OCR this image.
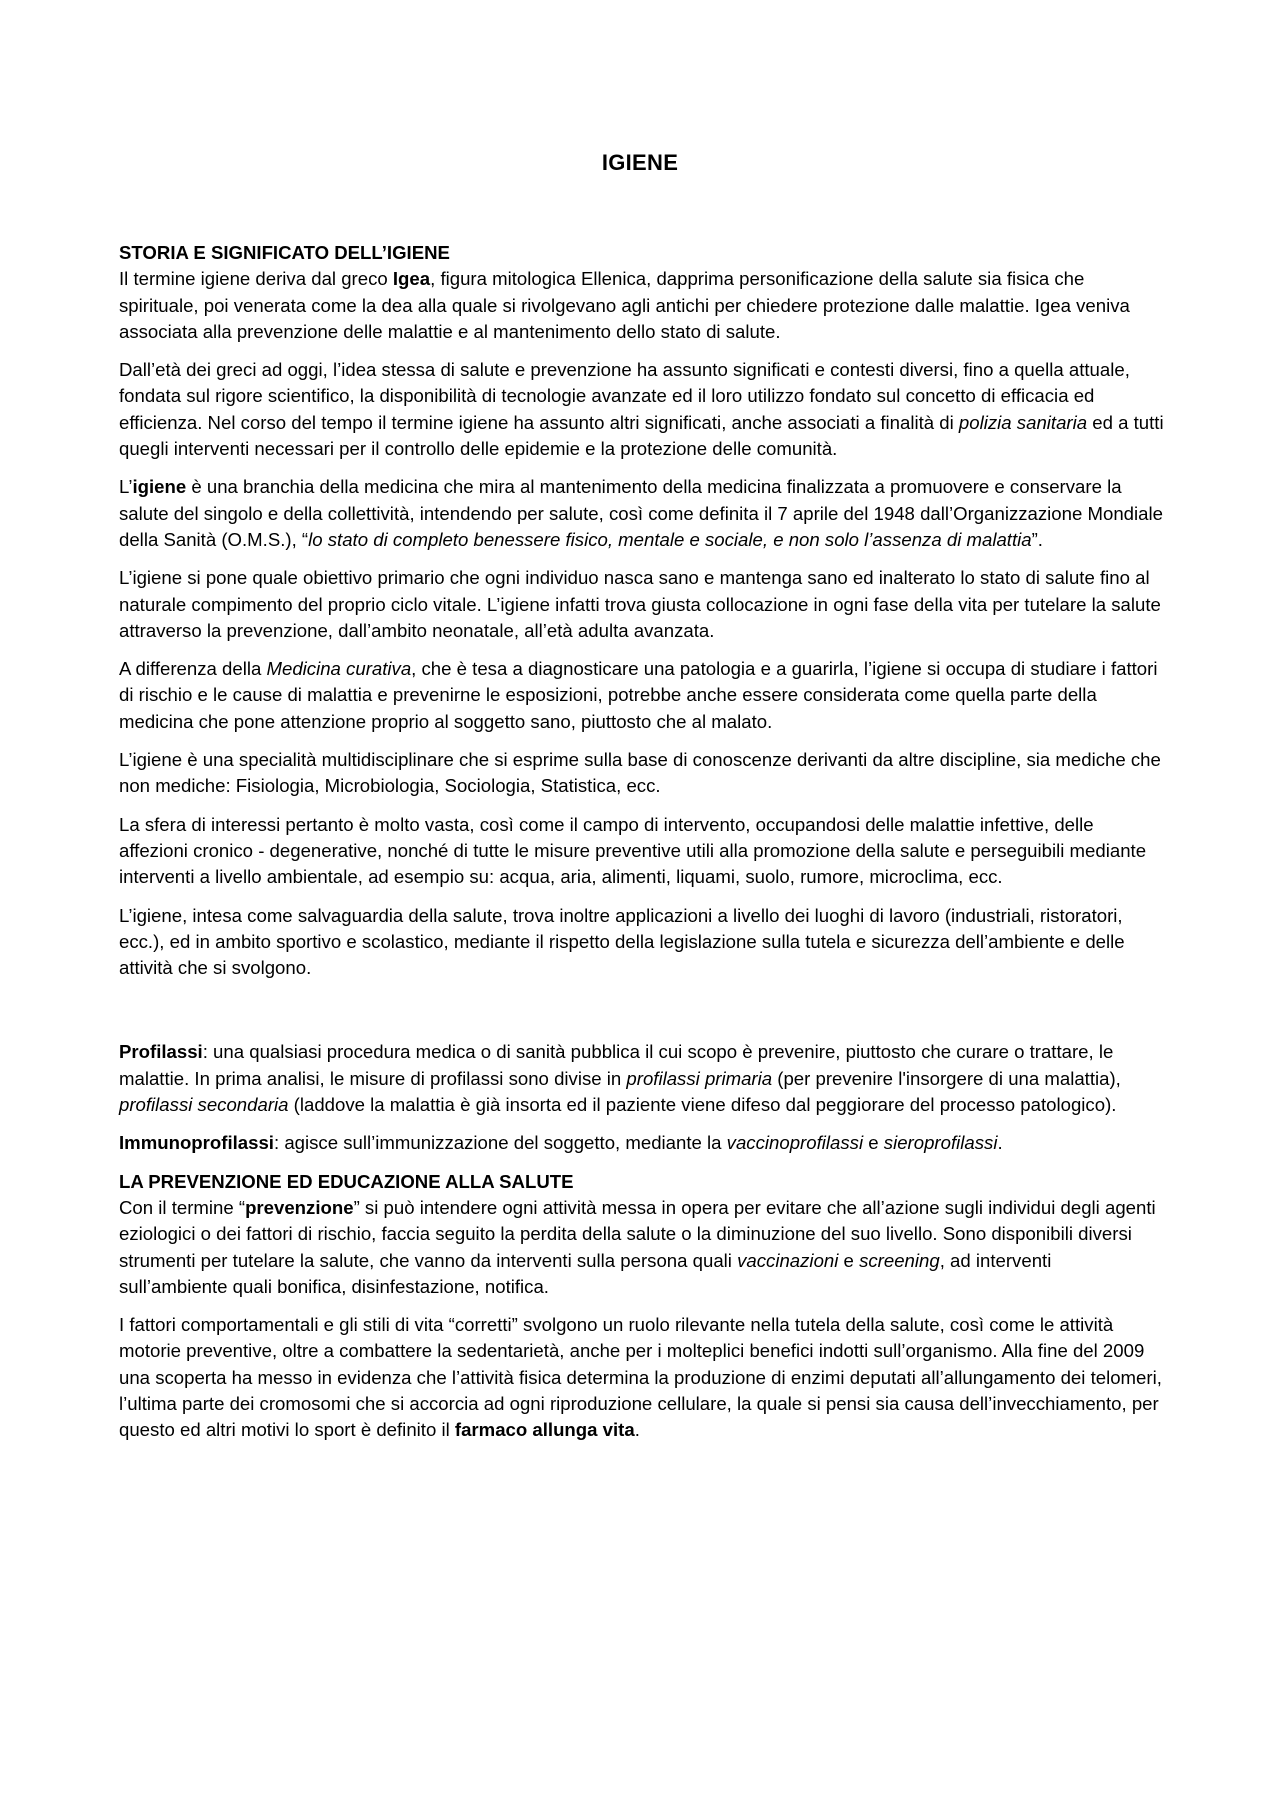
IGIENE

STORIA E SIGNIFICATO DELL’IGIENE
Il termine igiene deriva dal greco Igea, figura mitologica Ellenica, dapprima personificazione della salute sia fisica che spirituale, poi venerata come la dea alla quale si rivolgevano agli antichi per chiedere protezione dalle malattie. Igea veniva associata alla prevenzione delle malattie e al mantenimento dello stato di salute.

Dall’età dei greci ad oggi, l’idea stessa di salute e prevenzione ha assunto significati e contesti diversi, fino a quella attuale, fondata sul rigore scientifico, la disponibilità di tecnologie avanzate ed il loro utilizzo fondato sul concetto di efficacia ed efficienza. Nel corso del tempo il termine igiene ha assunto altri significati, anche associati a finalità di polizia sanitaria ed a tutti quegli interventi necessari per il controllo delle epidemie e la protezione delle comunità.

L’igiene è una branchia della medicina che mira al mantenimento della medicina finalizzata a promuovere e conservare la salute del singolo e della collettività, intendendo per salute, così come definita il 7 aprile del 1948 dall’Organizzazione Mondiale della Sanità (O.M.S.), “lo stato di completo benessere fisico, mentale e sociale, e non solo l’assenza di malattia”.

L’igiene si pone quale obiettivo primario che ogni individuo nasca sano e mantenga sano ed inalterato lo stato di salute fino al naturale compimento del proprio ciclo vitale. L’igiene infatti trova giusta collocazione in ogni fase della vita per tutelare la salute attraverso la prevenzione, dall’ambito neonatale, all’età adulta avanzata.

A differenza della Medicina curativa, che è tesa a diagnosticare una patologia e a guarirla, l’igiene si occupa di studiare i fattori di rischio e le cause di malattia e prevenirne le esposizioni, potrebbe anche essere considerata come quella parte della medicina che pone attenzione proprio al soggetto sano, piuttosto che al malato.

L’igiene è una specialità multidisciplinare che si esprime sulla base di conoscenze derivanti da altre discipline, sia mediche che non mediche: Fisiologia, Microbiologia, Sociologia, Statistica, ecc.

La sfera di interessi pertanto è molto vasta, così come il campo di intervento, occupandosi delle malattie infettive, delle affezioni cronico - degenerative, nonché di tutte le misure preventive utili alla promozione della salute e perseguibili mediante interventi a livello ambientale, ad esempio su: acqua, aria, alimenti, liquami, suolo, rumore, microclima, ecc.

L’igiene, intesa come salvaguardia della salute, trova inoltre applicazioni a livello dei luoghi di lavoro (industriali, ristoratori, ecc.), ed in ambito sportivo e scolastico, mediante il rispetto della legislazione sulla tutela e sicurezza dell’ambiente e delle attività che si svolgono.

Profilassi: una qualsiasi procedura medica o di sanità pubblica il cui scopo è prevenire, piuttosto che curare o trattare, le malattie. In prima analisi, le misure di profilassi sono divise in profilassi primaria (per prevenire l'insorgere di una malattia), profilassi secondaria (laddove la malattia è già insorta ed il paziente viene difeso dal peggiorare del processo patologico).

Immunoprofilassi: agisce sull’immunizzazione del soggetto, mediante la vaccinoprofilassi e sieroprofilassi.

LA PREVENZIONE ED EDUCAZIONE ALLA SALUTE
Con il termine “prevenzione” si può intendere ogni attività messa in opera per evitare che all’azione sugli individui degli agenti eziologici o dei fattori di rischio, faccia seguito la perdita della salute o la diminuzione del suo livello. Sono disponibili diversi strumenti per tutelare la salute, che vanno da interventi sulla persona quali vaccinazioni e screening, ad interventi sull’ambiente quali bonifica, disinfestazione, notifica.

I fattori comportamentali e gli stili di vita “corretti” svolgono un ruolo rilevante nella tutela della salute, così come le attività motorie preventive, oltre a combattere la sedentarietà, anche per i molteplici benefici indotti sull’organismo. Alla fine del 2009 una scoperta ha messo in evidenza che l’attività fisica determina la produzione di enzimi deputati all’allungamento dei telomeri, l’ultima parte dei cromosomi che si accorcia ad ogni riproduzione cellulare, la quale si pensi sia causa dell’invecchiamento, per questo ed altri motivi lo sport è definito il farmaco allunga vita.
